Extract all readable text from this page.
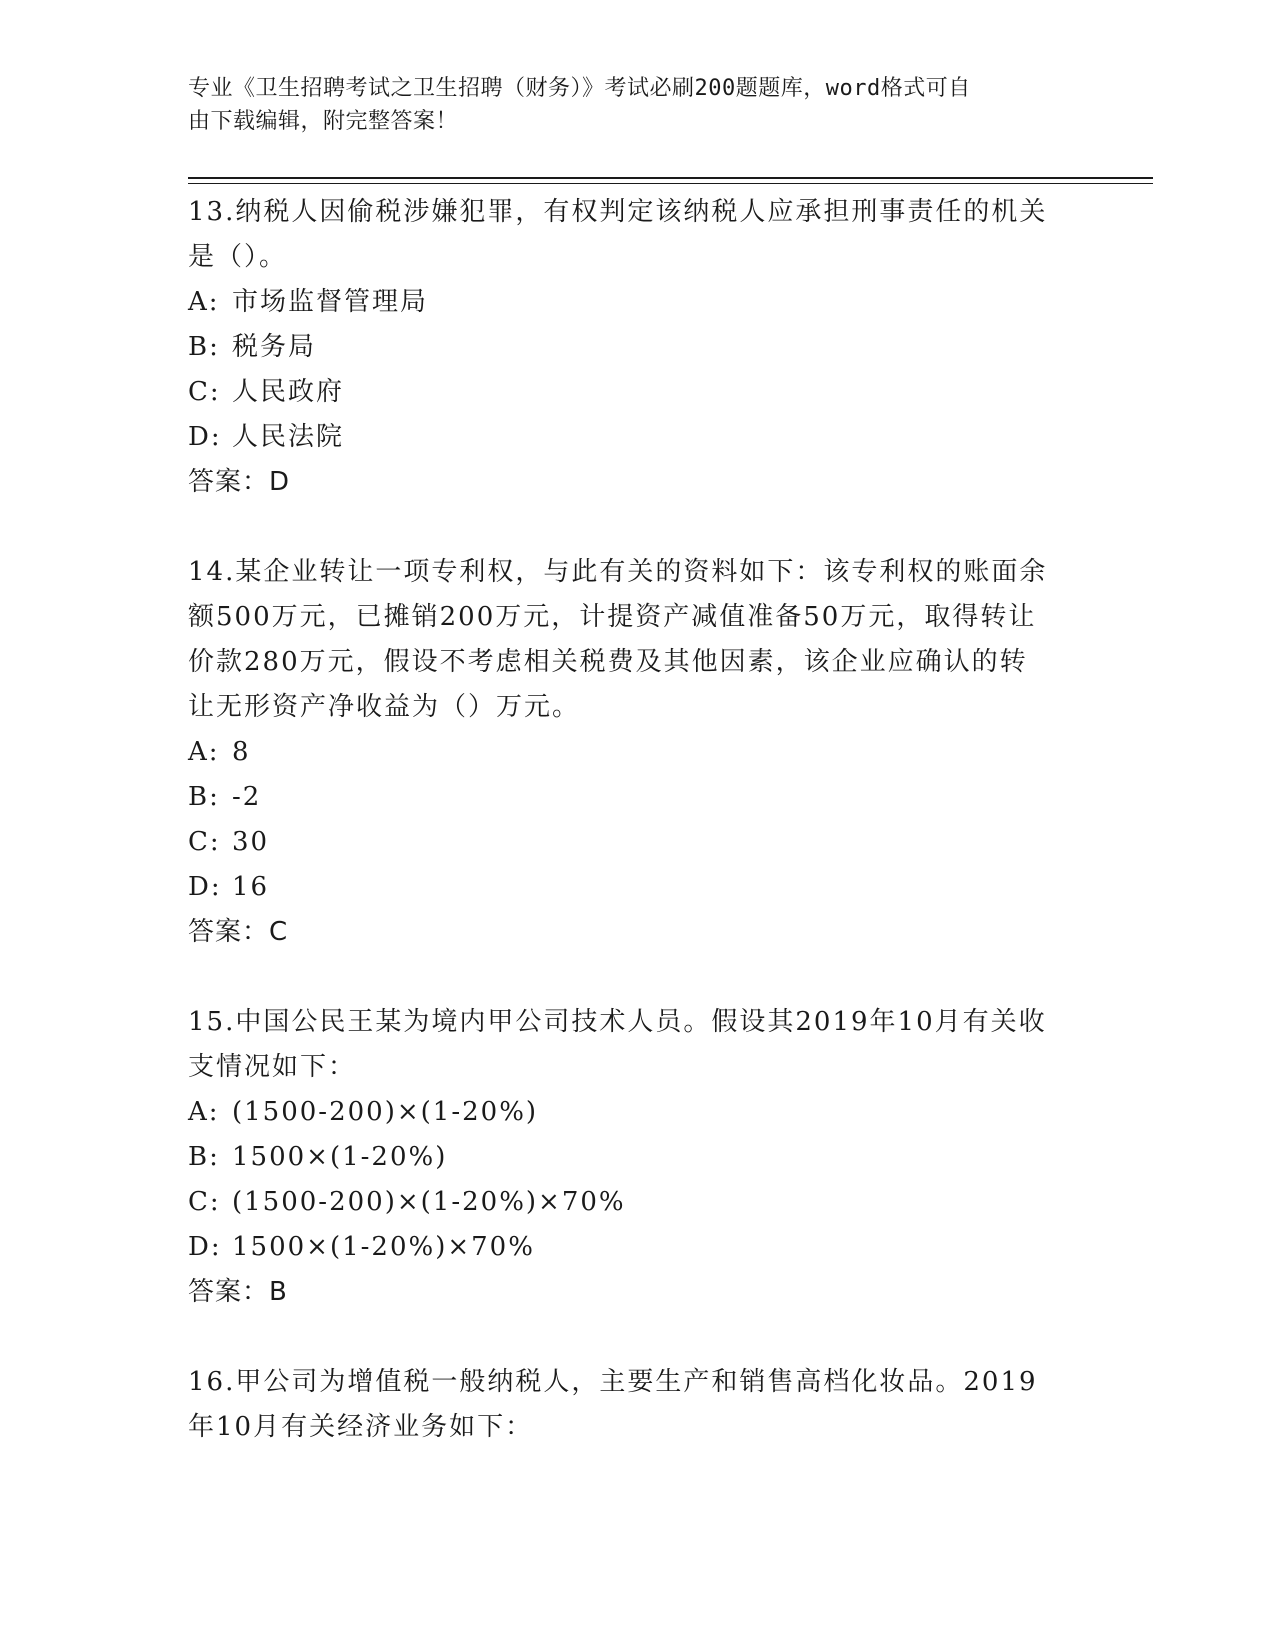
专业《卫生招聘考试之卫生招聘（财务）》考试必刷200题题库，word格式可自
由下载编辑，附完整答案！
13.纳税人因偷税涉嫌犯罪，有权判定该纳税人应承担刑事责任的机关
是（）。
A: 市场监督管理局
B: 税务局
C: 人民政府
D: 人民法院
答案：D
14.某企业转让一项专利权，与此有关的资料如下：该专利权的账面余
额500万元，已摊销200万元，计提资产减值准备50万元，取得转让
价款280万元，假设不考虑相关税费及其他因素，该企业应确认的转
让无形资产净收益为（）万元。
A: 8
B: -2
C: 30
D: 16
答案：C
15.中国公民王某为境内甲公司技术人员。假设其2019年10月有关收
支情况如下：
A: (1500-200)×(1-20%)
B: 1500×(1-20%)
C: (1500-200)×(1-20%)×70%
D: 1500×(1-20%)×70%
答案：B
16.甲公司为增值税一般纳税人，主要生产和销售高档化妆品。2019
年10月有关经济业务如下：
